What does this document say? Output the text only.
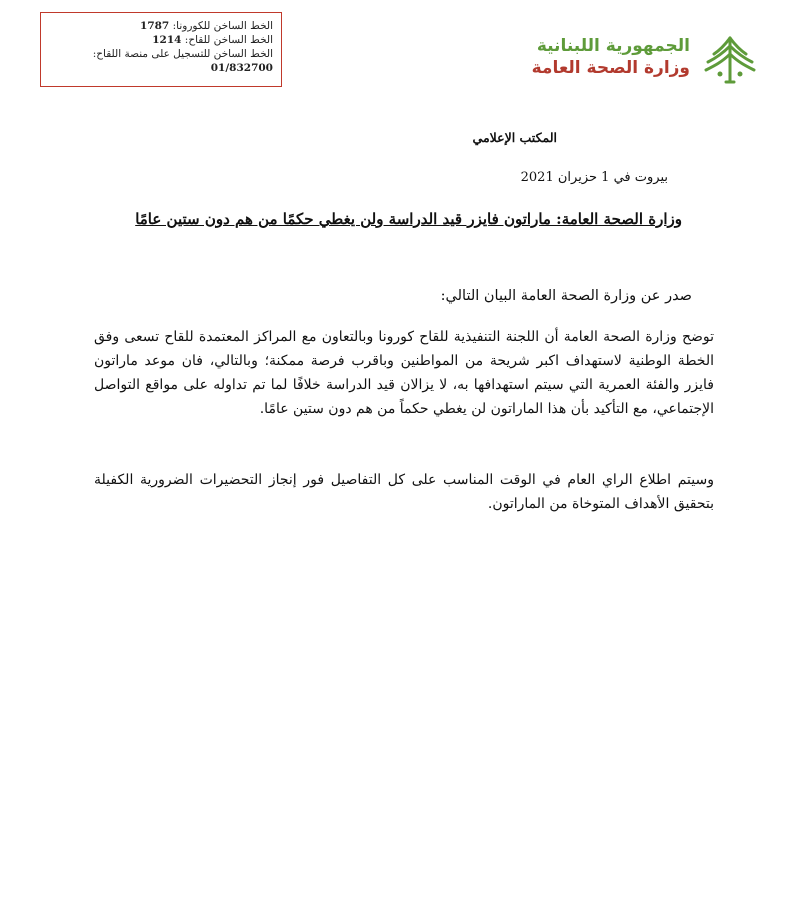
الخط الساخن للكورونا: 1787
الخط الساخن للقاح: 1214
الخط الساخن للتسجيل على منصة اللقاح:
01/832700
الجمهورية اللبنانية
وزارة الصحة العامة
المكتب الإعلامي
بيروت في 1 حزيران 2021
وزارة الصحة العامة: ماراتون فايزر قيد الدراسة ولن يغطي حكمًا من هم دون ستين عامًا
صدر عن وزارة الصحة العامة البيان التالي:
توضح وزارة الصحة العامة أن اللجنة التنفيذية للقاح كورونا وبالتعاون مع المراكز المعتمدة للقاح تسعى وفق الخطة الوطنية لاستهداف اكبر شريحة من المواطنين وباقرب فرصة ممكنة؛ وبالتالي، فان موعد ماراتون فايزر والفئة العمرية التي سيتم استهدافها به، لا يزالان قيد الدراسة خلافًا لما تم تداوله على مواقع التواصل الإجتماعي، مع التأكيد بأن هذا الماراتون لن يغطي حكماً من هم دون ستين عامًا.
وسيتم اطلاع الراي العام في الوقت المناسب على كل التفاصيل فور إنجاز التحضيرات الضرورية الكفيلة بتحقيق الأهداف المتوخاة من الماراتون.
